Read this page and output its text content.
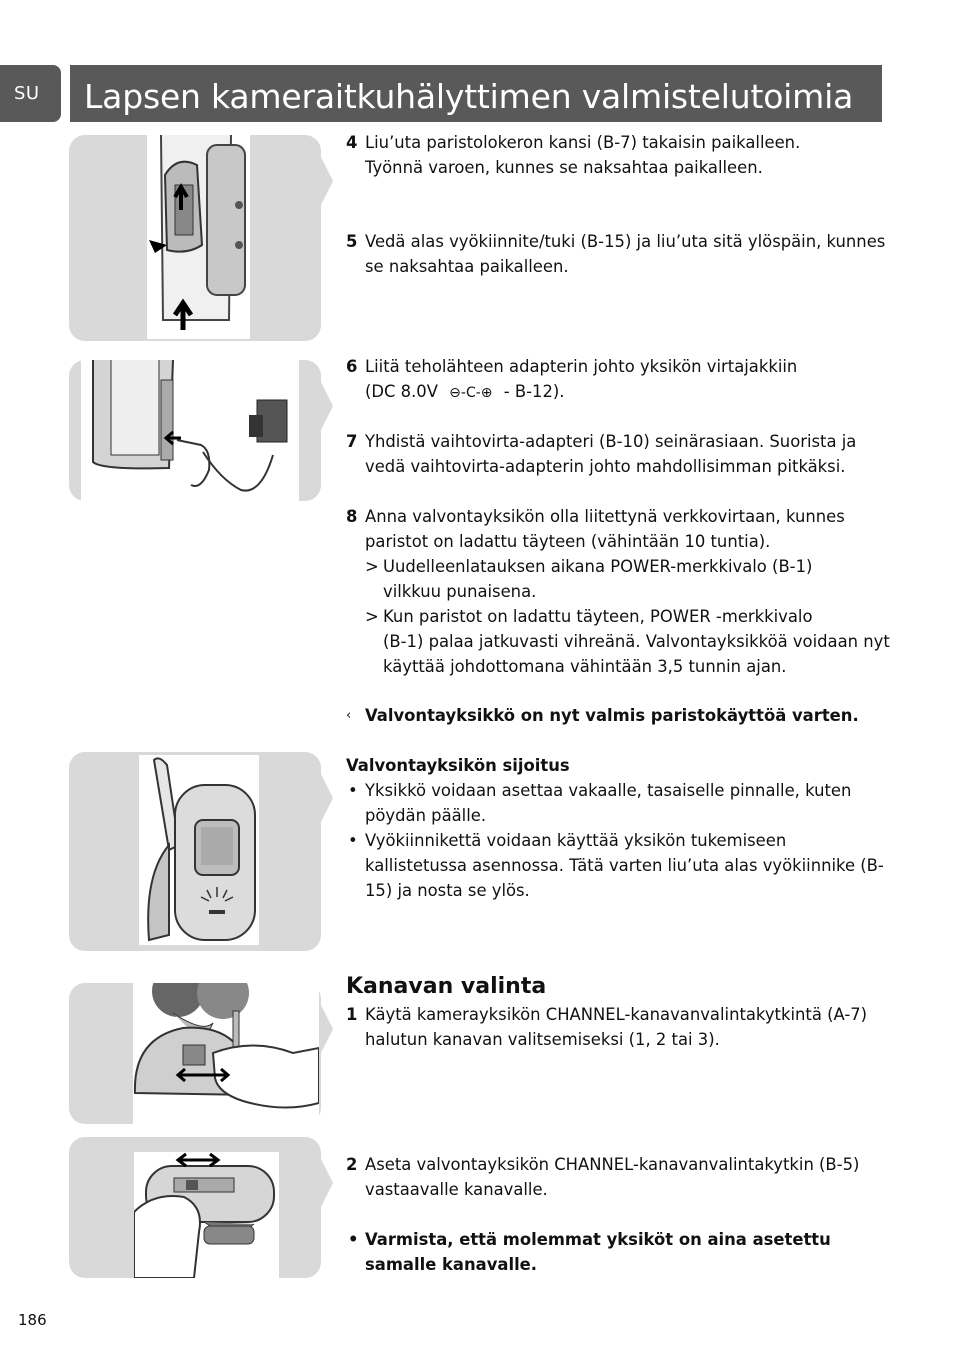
SU	Lapsen kameraitkuhälyttimen valmistelutoimia
4 Liu’uta paristolokeron kansi (B-7) takaisin paikalleen.
Työnnä varoen, kunnes se naksahtaa paikalleen.
5 Vedä alas vyökiinnite/tuki (B-15) ja liu’uta sitä ylöspäin, kunnes
se naksahtaa paikalleen.
6 Liitä teholähteen adapterin johto yksikön virtajakkiin
(DC 8.0V ⊖-C-⊕ - B-12).
7 Yhdistä vaihtovirta-adapteri (B-10) seinärasiaan. Suorista ja
vedä vaihtovirta-adapterin johto mahdollisimman pitkäksi.
8 Anna valvontayksikön olla liitettynä verkkovirtaan, kunnes
paristot on ladattu täyteen (vähintään 10 tuntia).
> Uudelleenlatauksen aikana POWER-merkkivalo (B-1)
vilkkuu punaisena.
> Kun paristot on ladattu täyteen, POWER -merkkivalo
(B-1) palaa jatkuvasti vihreänä. Valvontayksikköä voidaan nyt
käyttää johdottomana vähintään 3,5 tunnin ajan.
‹ Valvontayksikkö on nyt valmis paristokäyttöä varten.
Valvontayksikön sijoitus
• Yksikkö voidaan asettaa vakaalle, tasaiselle pinnalle, kuten
pöydän päälle.
• Vyökiinnikettä voidaan käyttää yksikön tukemiseen
kallistetussa asennossa. Tätä varten liu’uta alas vyökiinnike (B-
15) ja nosta se ylös.
Kanavan valinta
1 Käytä kamerayksikön CHANNEL-kanavanvalintakytkintä (A-7)
halutun kanavan valitsemiseksi (1, 2 tai 3).
2 Aseta valvontayksikön CHANNEL-kanavanvalintakytkin (B-5)
vastaavalle kanavalle.
• Varmista, että molemmat yksiköt on aina asetettu
samalle kanavalle.
186
